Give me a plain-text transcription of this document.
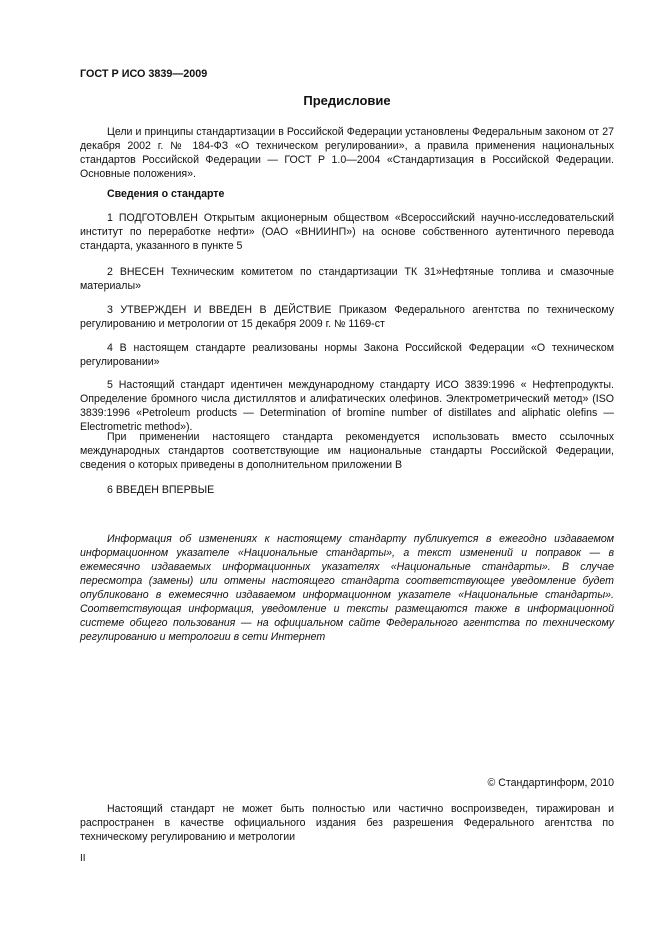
ГОСТ Р ИСО 3839—2009
Предисловие

Цели и принципы стандартизации в Российской Федерации установлены Федеральным законом от 27 декабря 2002 г. № 184-ФЗ «О техническом регулировании», а правила применения национальных стандартов Российской Федерации — ГОСТ Р 1.0—2004 «Стандартизация в Российской Федерации. Основные положения».

Сведения о стандарте

1 ПОДГОТОВЛЕН Открытым акционерным обществом «Всероссийский научно-исследовательский институт по переработке нефти» (ОАО «ВНИИНП») на основе собственного аутентичного перевода стандарта, указанного в пункте 5

2 ВНЕСЕН Техническим комитетом по стандартизации ТК 31»Нефтяные топлива и смазочные материалы»

3 УТВЕРЖДЕН И ВВЕДЕН В ДЕЙСТВИЕ Приказом Федерального агентства по техническому регулированию и метрологии от 15 декабря 2009 г. № 1169-ст

4 В настоящем стандарте реализованы нормы Закона Российской Федерации «О техническом регулировании»

5 Настоящий стандарт идентичен международному стандарту ИСО 3839:1996 « Нефтепродукты. Определение бромного числа дистиллятов и алифатических олефинов. Электрометрический метод» (ISO 3839:1996 «Petroleum products — Determination of bromine number of distillates and aliphatic olefins — Electrometric method»).

При применении настоящего стандарта рекомендуется использовать вместо ссылочных международных стандартов соответствующие им национальные стандарты Российской Федерации, сведения о которых приведены в дополнительном приложении В

6 ВВЕДЕН ВПЕРВЫЕ

Информация об изменениях к настоящему стандарту публикуется в ежегодно издаваемом информационном указателе «Национальные стандарты», а текст изменений и поправок — в ежемесячно издаваемых информационных указателях «Национальные стандарты». В случае пересмотра (замены) или отмены настоящего стандарта соответствующее уведомление будет опубликовано в ежемесячно издаваемом информационном указателе «Национальные стандарты». Соответствующая информация, уведомление и тексты размещаются также в информационной системе общего пользования — на официальном сайте Федерального агентства по техническому регулированию и метрологии в сети Интернет

© Стандартинформ, 2010

Настоящий стандарт не может быть полностью или частично воспроизведен, тиражирован и распространен в качестве официального издания без разрешения Федерального агентства по техническому регулированию и метрологии

II
